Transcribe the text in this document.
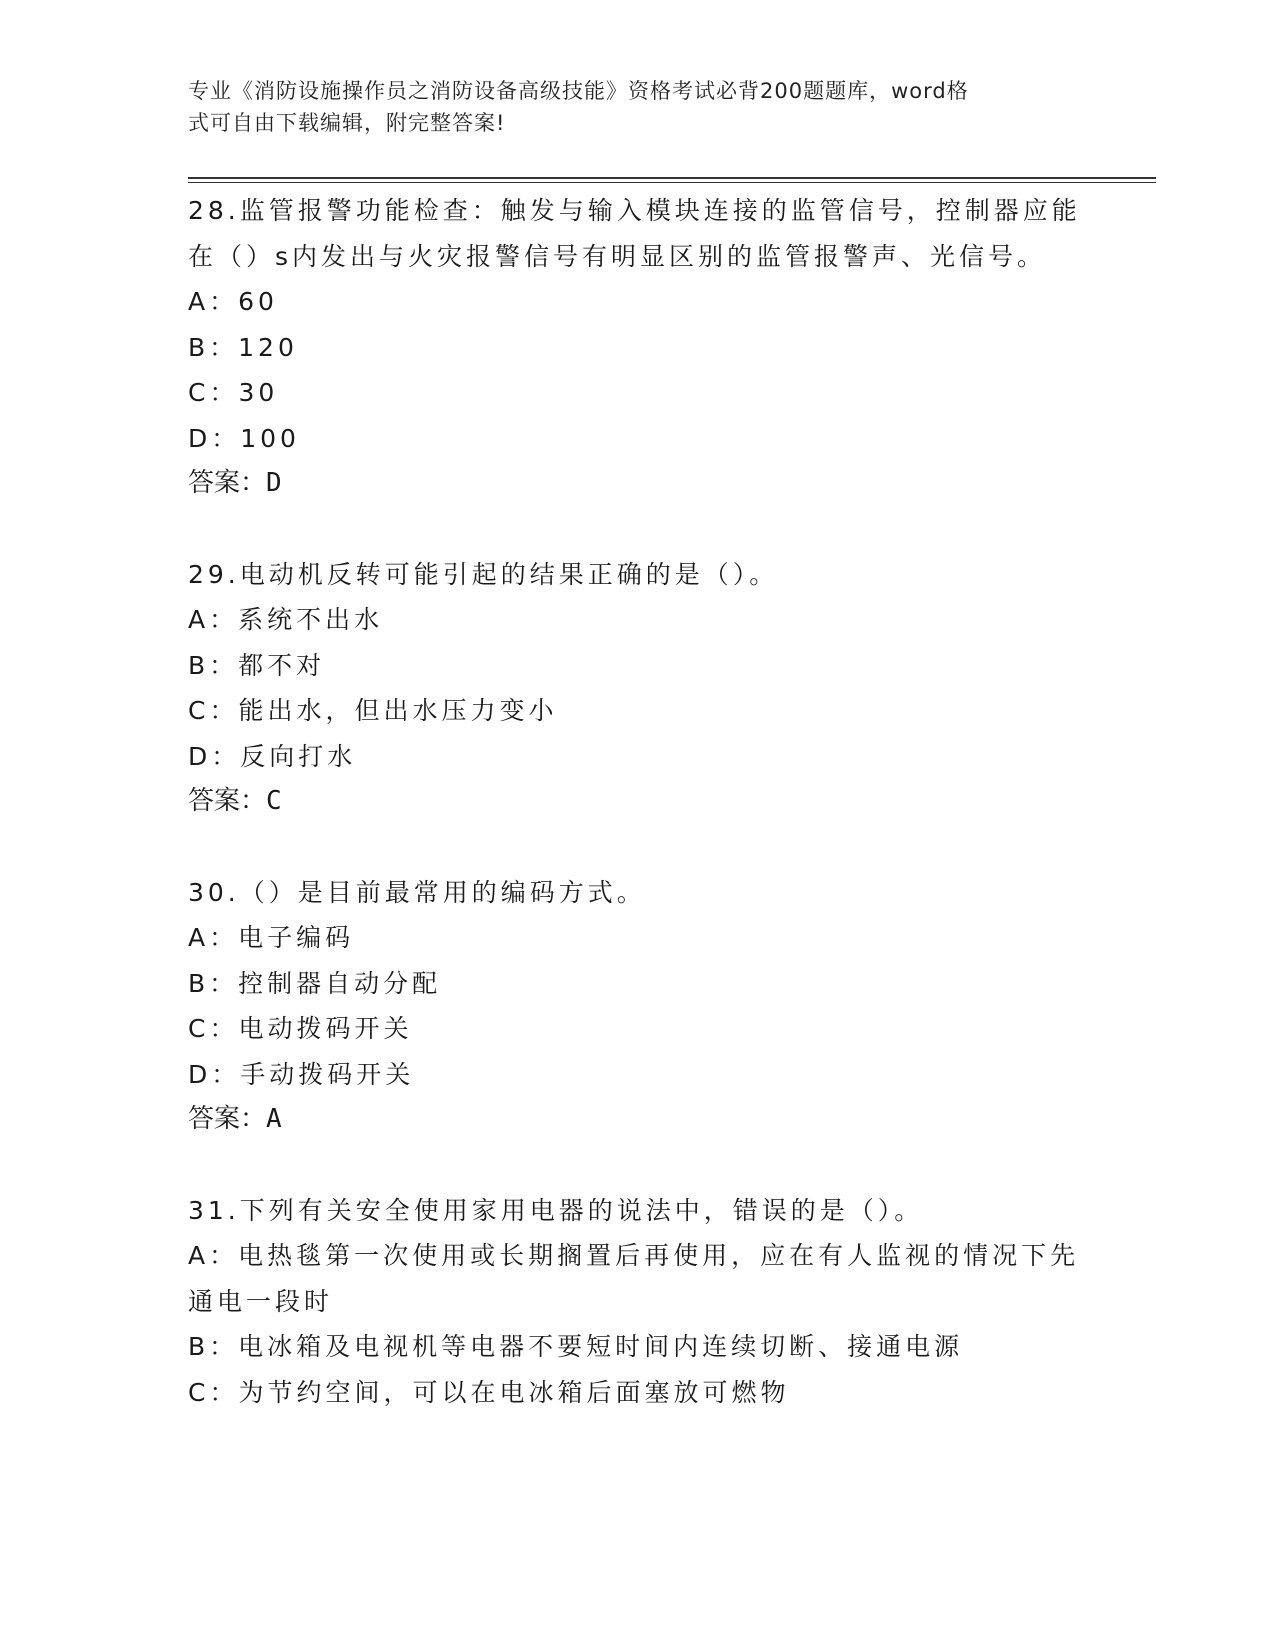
专业《消防设施操作员之消防设备高级技能》资格考试必背200题题库，word格
式可自由下载编辑，附完整答案!
28.监管报警功能检查：触发与输入模块连接的监管信号，控制器应能
在（）s内发出与火灾报警信号有明显区别的监管报警声、光信号。
A：60
B：120
C：30
D：100
答案：D
29.电动机反转可能引起的结果正确的是（）。
A：系统不出水
B：都不对
C：能出水，但出水压力变小
D：反向打水
答案：C
30.（）是目前最常用的编码方式。
A：电子编码
B：控制器自动分配
C：电动拨码开关
D：手动拨码开关
答案：A
31.下列有关安全使用家用电器的说法中，错误的是（）。
A：电热毯第一次使用或长期搁置后再使用，应在有人监视的情况下先
通电一段时
B：电冰箱及电视机等电器不要短时间内连续切断、接通电源
C：为节约空间，可以在电冰箱后面塞放可燃物
